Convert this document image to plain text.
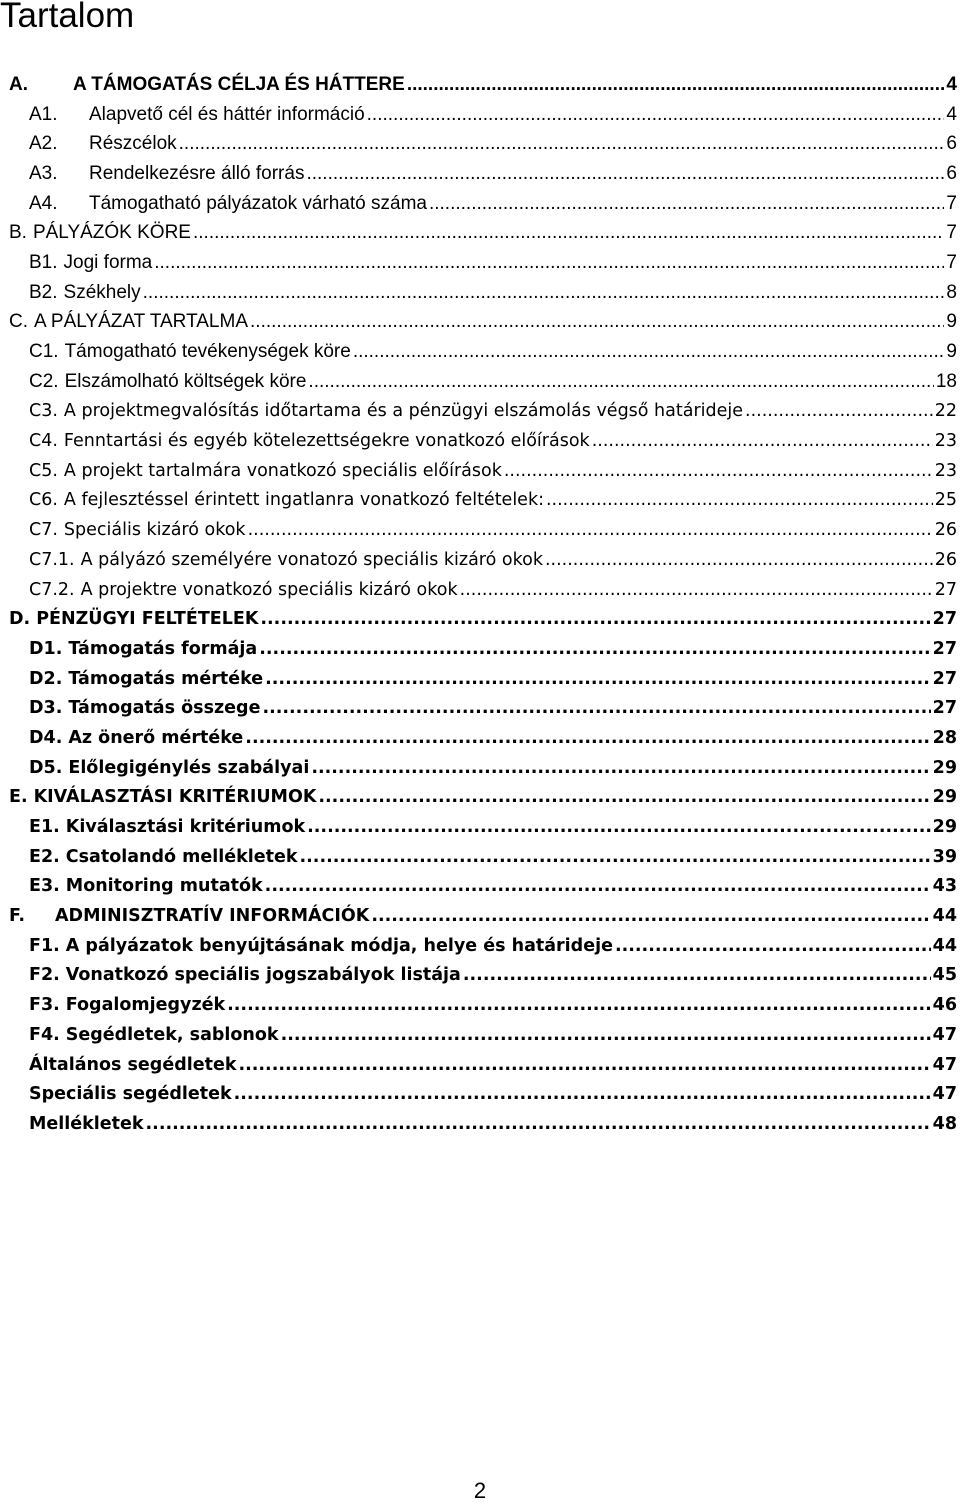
Tartalom
A.	A TÁMOGATÁS CÉLJA ÉS HÁTTERE .....	4
A1.	Alapvető cél és háttér információ .....	4
A2.	Részcélok .....	6
A3.	Rendelkezésre álló forrás .....	6
A4.	Támogatható pályázatok várható száma .....	7
B. PÁLYÁZÓK KÖRE .....	7
B1. Jogi forma .....	7
B2. Székhely .....	8
C. A PÁLYÁZAT TARTALMA .....	9
C1. Támogatható tevékenységek köre .....	9
C2. Elszámolható költségek köre .....	18
C3. A projektmegvalósítás időtartama és a pénzügyi elszámolás végső határideje .....	22
C4. Fenntartási és egyéb kötelezettségekre vonatkozó előírások .....	23
C5. A projekt tartalmára vonatkozó speciális előírások .....	23
C6. A fejlesztéssel érintett ingatlanra vonatkozó feltételek: .....	25
C7. Speciális kizáró okok .....	26
C7.1. A pályázó személyére vonatozó speciális kizáró okok .....	26
C7.2. A projektre vonatkozó speciális kizáró okok .....	27
D. PÉNZÜGYI FELTÉTELEK .....	27
D1. Támogatás formája .....	27
D2. Támogatás mértéke .....	27
D3. Támogatás összege .....	27
D4. Az önerő mértéke .....	28
D5. Előlegigénylés szabályai .....	29
E. KIVÁLASZTÁSI KRITÉRIUMOK .....	29
E1. Kiválasztási kritériumok .....	29
E2. Csatolandó mellékletek .....	39
E3. Monitoring mutatók .....	43
F.	ADMINISZTRATÍV INFORMÁCIÓK .....	44
F1. A pályázatok benyújtásának módja, helye és határideje .....	44
F2. Vonatkozó speciális jogszabályok listája .....	45
F3. Fogalomjegyzék .....	46
F4. Segédletek, sablonok .....	47
Általános segédletek .....	47
Speciális segédletek .....	47
Mellékletek .....	48
2
